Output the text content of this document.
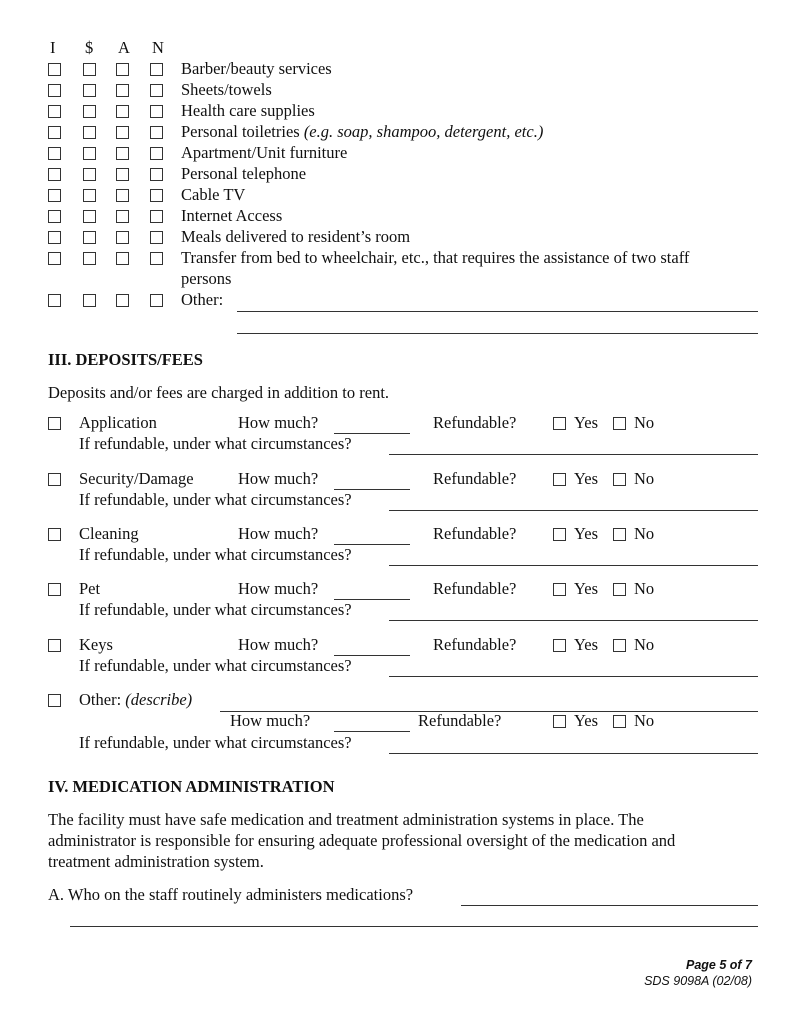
I $ A N
Barber/beauty services
Sheets/towels
Health care supplies
Personal toiletries (e.g. soap, shampoo, detergent, etc.)
Apartment/Unit furniture
Personal telephone
Cable TV
Internet Access
Meals delivered to resident’s room
Transfer from bed to wheelchair, etc., that requires the assistance of two staff
persons
Other:
III. DEPOSITS/FEES
Deposits and/or fees are charged in addition to rent.
Application	How much?	Refundable?	Yes No
If refundable, under what circumstances?
Security/Damage	How much?	Refundable?	Yes No
If refundable, under what circumstances?
Cleaning	How much?	Refundable?	Yes No
If refundable, under what circumstances?
Pet	How much?	Refundable?	Yes No
If refundable, under what circumstances?
Keys	How much?	Refundable?	Yes No
If refundable, under what circumstances?
Other: (describe)
How much?	Refundable?	Yes No
If refundable, under what circumstances?
IV. MEDICATION ADMINISTRATION
The facility must have safe medication and treatment administration systems in place. The
administrator is responsible for ensuring adequate professional oversight of the medication and
treatment administration system.
A. Who on the staff routinely administers medications?
Page 5 of 7
SDS 9098A (02/08)
